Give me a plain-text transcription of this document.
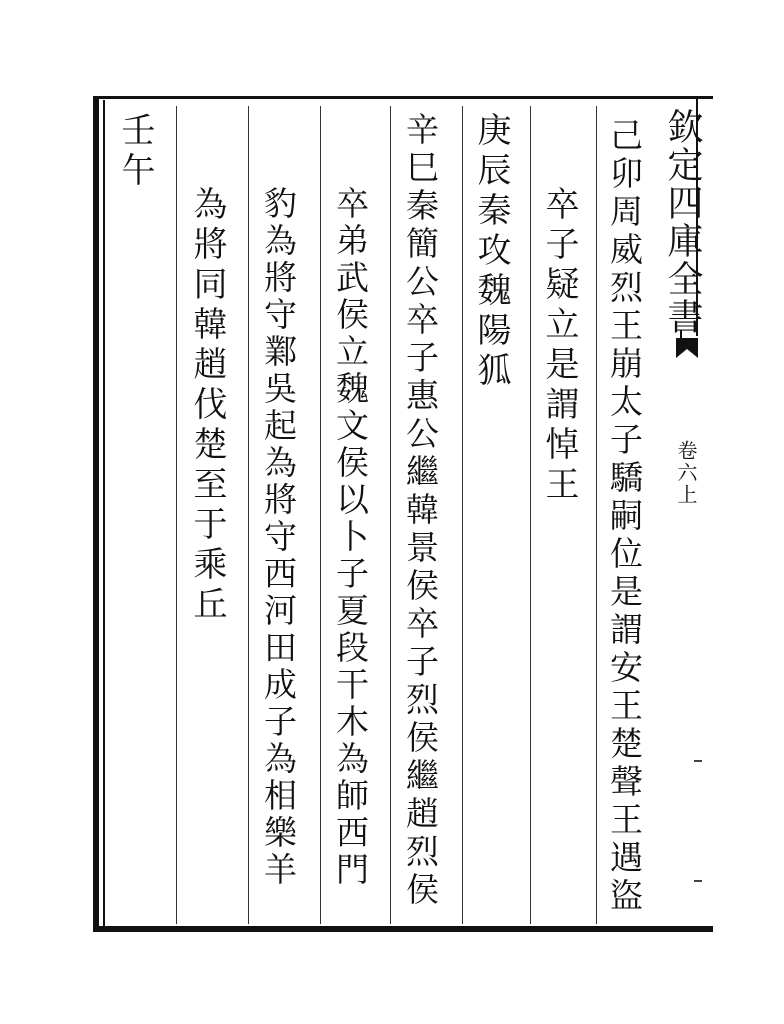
欽定四庫全書
卷六上
己卯周威烈王崩太子驕嗣位是謂安王楚聲王遇盜
卒子疑立是謂悼王
庚辰秦攻魏陽狐
辛巳秦簡公卒子惠公繼韓景侯卒子烈侯繼趙烈侯
卒弟武侯立魏文侯以卜子夏段干木為師西門
豹為將守鄴吳起為將守西河田成子為相樂羊
為將同韓趙伐楚至于乘丘
壬午
